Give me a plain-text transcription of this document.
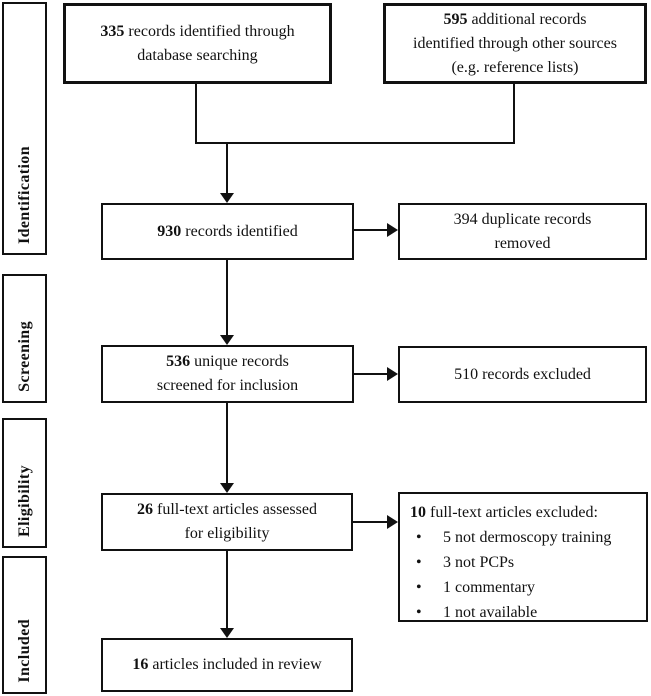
Identification
Screening
Eligibility
Included
335 records identified through
database searching
595 additional records
identified through other sources
(e.g. reference lists)
930 records identified
394 duplicate records
removed
536 unique records
screened for inclusion
510 records excluded
26 full-text articles assessed
for eligibility
10 full-text articles excluded:
•	5 not dermoscopy training
•	3 not PCPs
•	1 commentary
•	1 not available
16 articles included in review
